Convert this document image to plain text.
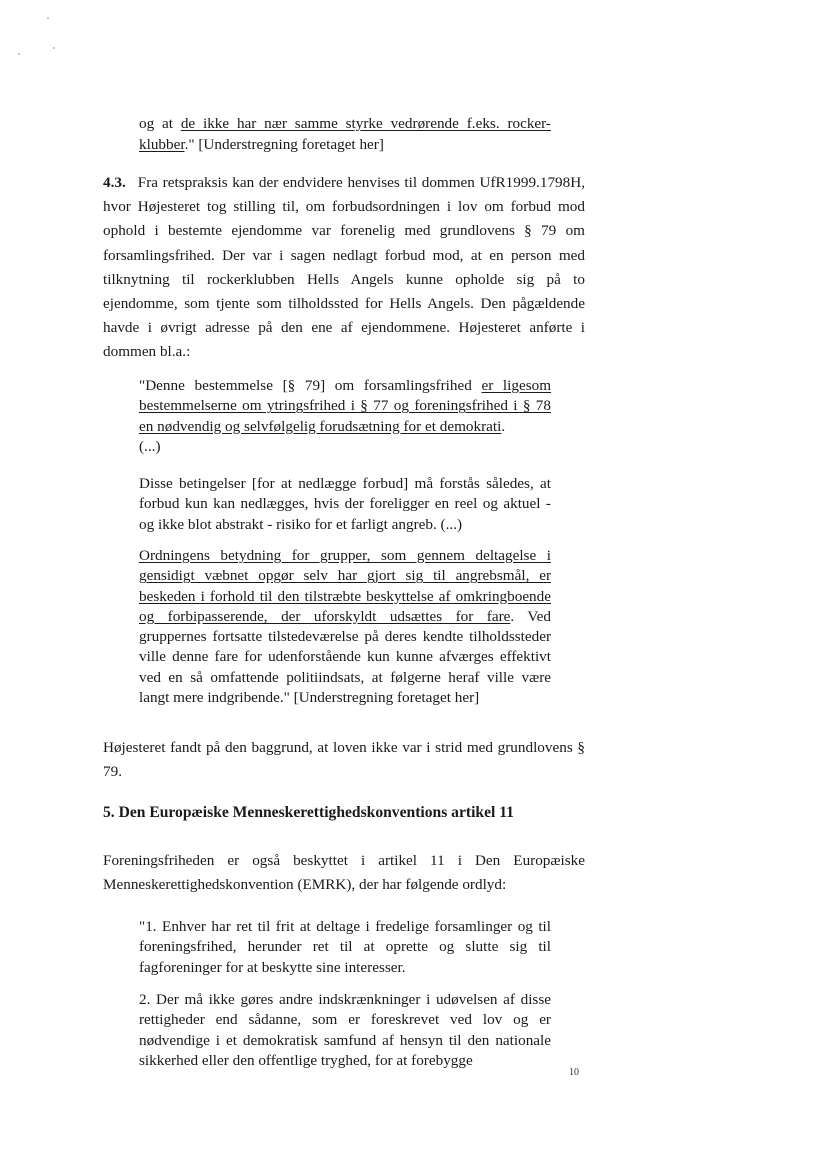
og at de ikke har nær samme styrke vedrørende f.eks. rocker-klubber." [Understregning foretaget her]
4.3. Fra retspraksis kan der endvidere henvises til dommen UfR1999.1798H, hvor Højesteret tog stilling til, om forbudsordningen i lov om forbud mod ophold i bestemte ejendomme var forenelig med grundlovens § 79 om forsamlingsfrihed. Der var i sagen nedlagt forbud mod, at en person med tilknytning til rockerklubben Hells Angels kunne opholde sig på to ejendomme, som tjente som tilholdssted for Hells Angels. Den pågældende havde i øvrigt adresse på den ene af ejendommene. Højesteret anførte i dommen bl.a.:
"Denne bestemmelse [§ 79] om forsamlingsfrihed er ligesom bestemmelserne om ytringsfrihed i § 77 og foreningsfrihed i § 78 en nødvendig og selvfølgelig forudsætning for et demokrati.
(...)
Disse betingelser [for at nedlægge forbud] må forstås således, at forbud kun kan nedlægges, hvis der foreligger en reel og aktuel - og ikke blot abstrakt - risiko for et farligt angreb. (...)
Ordningens betydning for grupper, som gennem deltagelse i gensidigt væbnet opgør selv har gjort sig til angrebsmål, er beskeden i forhold til den tilstræbte beskyttelse af omkringboende og forbipasserende, der uforskyldt udsættes for fare. Ved gruppernes fortsatte tilstedeværelse på deres kendte tilholdssteder ville denne fare for udenforstående kun kunne afværges effektivt ved en så omfattende politiindsats, at følgerne heraf ville være langt mere indgribende." [Understregning foretaget her]
Højesteret fandt på den baggrund, at loven ikke var i strid med grundlovens § 79.
5. Den Europæiske Menneskerettighedskonventions artikel 11
Foreningsfriheden er også beskyttet i artikel 11 i Den Europæiske Menneskerettighedskonvention (EMRK), der har følgende ordlyd:
"1. Enhver har ret til frit at deltage i fredelige forsamlinger og til foreningsfrihed, herunder ret til at oprette og slutte sig til fagforeninger for at beskytte sine interesser.
2. Der må ikke gøres andre indskrænkninger i udøvelsen af disse rettigheder end sådanne, som er foreskrevet ved lov og er nødvendige i et demokratisk samfund af hensyn til den nationale sikkerhed eller den offentlige tryghed, for at forebygge
10
